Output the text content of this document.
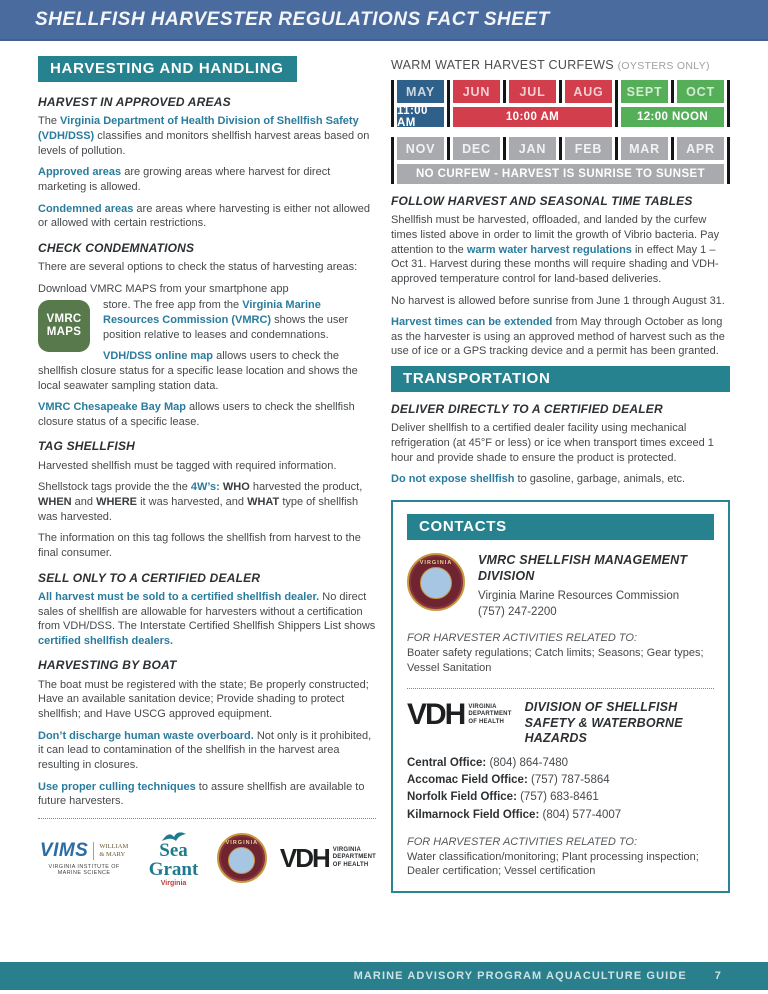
SHELLFISH HARVESTER REGULATIONS FACT SHEET
HARVESTING AND HANDLING
HARVEST IN APPROVED AREAS

The Virginia Department of Health Division of Shellfish Safety (VDH/DSS) classifies and monitors shellfish harvest areas based on levels of pollution.

Approved areas are growing areas where harvest for direct marketing is allowed.

Condemned areas are areas where harvesting is either not allowed or allowed with certain restrictions.

CHECK CONDEMNATIONS

There are several options to check the status of harvesting areas:

Download VMRC MAPS from your smartphone app

VMRC
MAPS
store. The free app from the Virginia Marine Resources Commission (VMRC) shows the user position relative to leases and condemnations.

VDH/DSS online map allows users to check the shellfish closure status for a specific lease location and shows the local seawater sampling station data.

VMRC Chesapeake Bay Map allows users to check the shellfish closure status of a specific lease.

TAG SHELLFISH

Harvested shellfish must be tagged with required information.

Shellstock tags provide the the 4W’s: WHO harvested the product, WHEN and WHERE it was harvested, and WHAT type of shellfish was harvested.

The information on this tag follows the shellfish from harvest to the final consumer.

SELL ONLY TO A CERTIFIED DEALER

All harvest must be sold to a certified shellfish dealer. No direct sales of shellfish are allowable for harvesters without a certification from VDH/DSS. The Interstate Certified Shellfish Shippers List shows certified shellfish dealers.

HARVESTING BY BOAT

The boat must be registered with the state; Be properly constructed; Have an available sanitation device; Provide shading to protect shellfish; and Have USCG approved equipment.

Don’t discharge human waste overboard. Not only is it prohibited, it can lead to contamination of the shellfish in the harvest area resulting in closures.

Use proper culling techniques to assure shellfish are available to future harvesters.

VIMS WILLIAM
& MARY
VIRGINIA INSTITUTE OF MARINE SCIENCE
Sea Grant
Virginia
VIRGINIA VDH VIRGINIA
DEPARTMENT
OF HEALTH
WARM WATER HARVEST CURFEWS (OYSTERS ONLY)
MAY	JUN	JUL	AUG	SEPT	OCT
11:00 AM	10:00 AM	12:00 NOON
NOV	DEC	JAN	FEB	MAR	APR
NO CURFEW - HARVEST IS SUNRISE TO SUNSET
FOLLOW HARVEST AND SEASONAL TIME TABLES

Shellfish must be harvested, offloaded, and landed by the curfew times listed above in order to limit the growth of Vibrio bacteria. Pay attention to the warm water harvest regulations in effect May 1 – Oct 31. Harvest during these months will require shading and VDH-approved temperature control for land-based deliveries.

No harvest is allowed before sunrise from June 1 through August 31.

Harvest times can be extended from May through October as long as the harvester is using an approved method of harvest such as the use of ice or a GPS tracking device and a permit has been granted.

TRANSPORTATION
DELIVER DIRECTLY TO A CERTIFIED DEALER

Deliver shellfish to a certified dealer facility using mechanical refrigeration (at 45°F or less) or ice when transport times exceed 1 hour and provide shade to ensure the product is protected.

Do not expose shellfish to gasoline, garbage, animals, etc.

CONTACTS
VIRGINIA VMRC SHELLFISH MANAGEMENT DIVISION
Virginia Marine Resources Commission
(757) 247-2200
FOR HARVESTER ACTIVITIES RELATED TO:
Boater safety regulations; Catch limits; Seasons; Gear types; Vessel Sanitation
VDH VIRGINIA
DEPARTMENT
OF HEALTH
DIVISION OF SHELLFISH SAFETY & WATERBORNE HAZARDS
Central Office: (804) 864-7480
Accomac Field Office: (757) 787-5864
Norfolk Field Office: (757) 683-8461
Kilmarnock Field Office: (804) 577-4007
FOR HARVESTER ACTIVITIES RELATED TO:
Water classification/monitoring; Plant processing inspection; Dealer certification; Vessel certification
MARINE ADVISORY PROGRAM AQUACULTURE GUIDE	7
